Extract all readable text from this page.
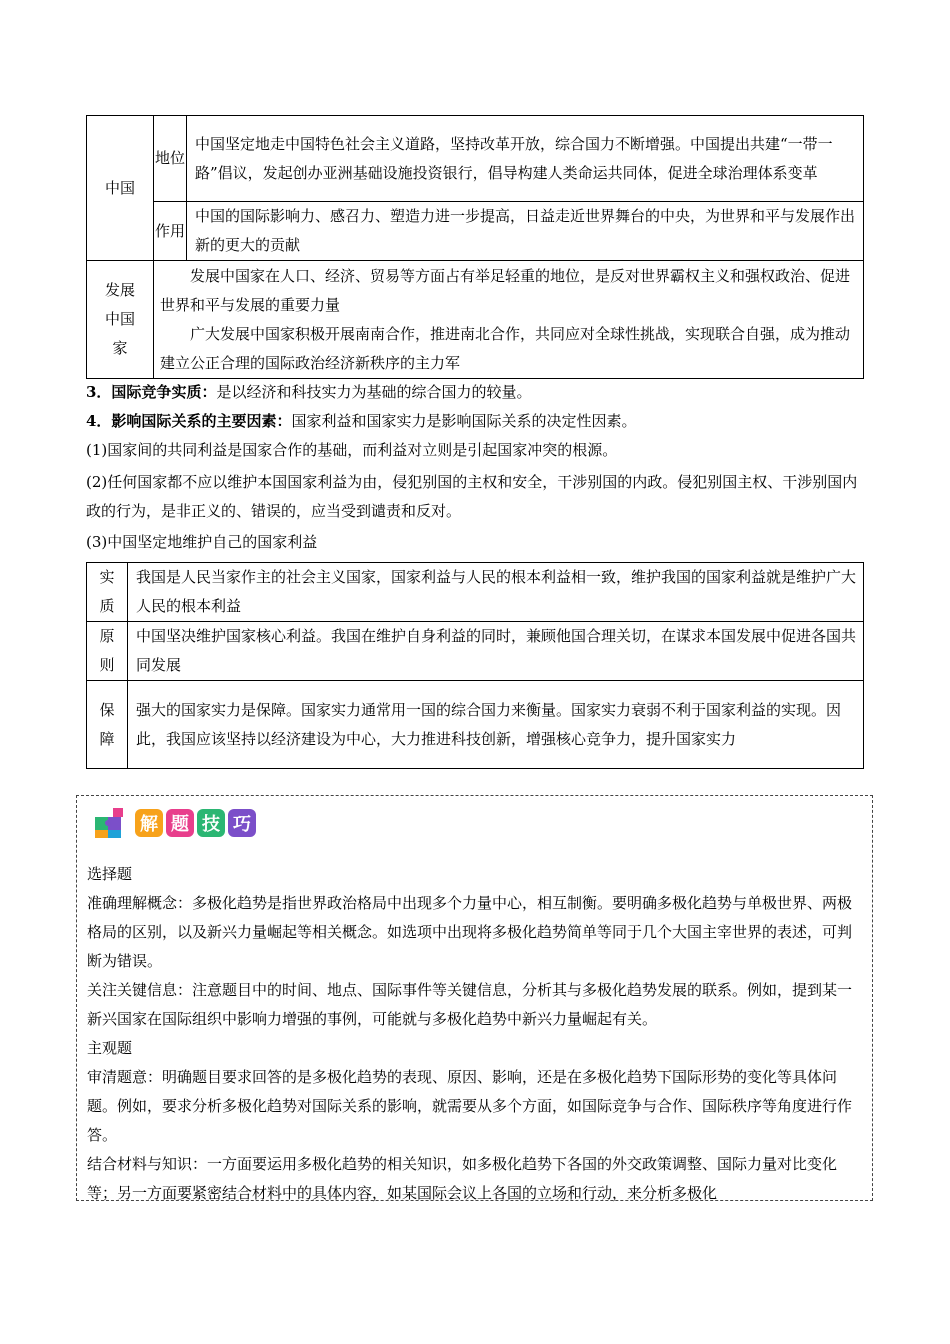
中国	地位	中国坚定地走中国特色社会主义道路，坚持改革开放，综合国力不断增强。中国提出共建“一带一路”倡议，发起创办亚洲基础设施投资银行，倡导构建人类命运共同体，促进全球治理体系变革
	作用	中国的国际影响力、感召力、塑造力进一步提高，日益走近世界舞台的中央，为世界和平与发展作出新的更大的贡献
发展中国家	发展中国家在人口、经济、贸易等方面占有举足轻重的地位，是反对世界霸权主义和强权政治、促进世界和平与发展的重要力量
广大发展中国家积极开展南南合作，推进南北合作，共同应对全球性挑战，实现联合自强，成为推动建立公正合理的国际政治经济新秩序的主力军	
3．国际竞争实质：是以经济和科技实力为基础的综合国力的较量。
4．影响国际关系的主要因素：国家利益和国家实力是影响国际关系的决定性因素。
(1)国家间的共同利益是国家合作的基础，而利益对立则是引起国家冲突的根源。
(2)任何国家都不应以维护本国国家利益为由，侵犯别国的主权和安全，干涉别国的内政。侵犯别国主权、干涉别国内政的行为，是非正义的、错误的，应当受到谴责和反对。
(3)中国坚定地维护自己的国家利益
实质	我国是人民当家作主的社会主义国家，国家利益与人民的根本利益相一致，维护我国的国家利益就是维护广大人民的根本利益
原则	中国坚决维护国家核心利益。我国在维护自身利益的同时，兼顾他国合理关切，在谋求本国发展中促进各国共同发展
保障	强大的国家实力是保障。国家实力通常用一国的综合国力来衡量。国家实力衰弱不利于国家利益的实现。因此，我国应该坚持以经济建设为中心，大力推进科技创新，增强核心竞争力，提升国家实力
解 题 技 巧
选择题
准确理解概念：多极化趋势是指世界政治格局中出现多个力量中心，相互制衡。要明确多极化趋势与单极世界、两极格局的区别，以及新兴力量崛起等相关概念。如选项中出现将多极化趋势简单等同于几个大国主宰世界的表述，可判断为错误。
关注关键信息：注意题目中的时间、地点、国际事件等关键信息，分析其与多极化趋势发展的联系。例如，提到某一新兴国家在国际组织中影响力增强的事例，可能就与多极化趋势中新兴力量崛起有关。
主观题
审清题意：明确题目要求回答的是多极化趋势的表现、原因、影响，还是在多极化趋势下国际形势的变化等具体问题。例如，要求分析多极化趋势对国际关系的影响，就需要从多个方面，如国际竞争与合作、国际秩序等角度进行作答。
结合材料与知识：一方面要运用多极化趋势的相关知识，如多极化趋势下各国的外交政策调整、国际力量对比变化等；另一方面要紧密结合材料中的具体内容，如某国际会议上各国的立场和行动，来分析多极化
